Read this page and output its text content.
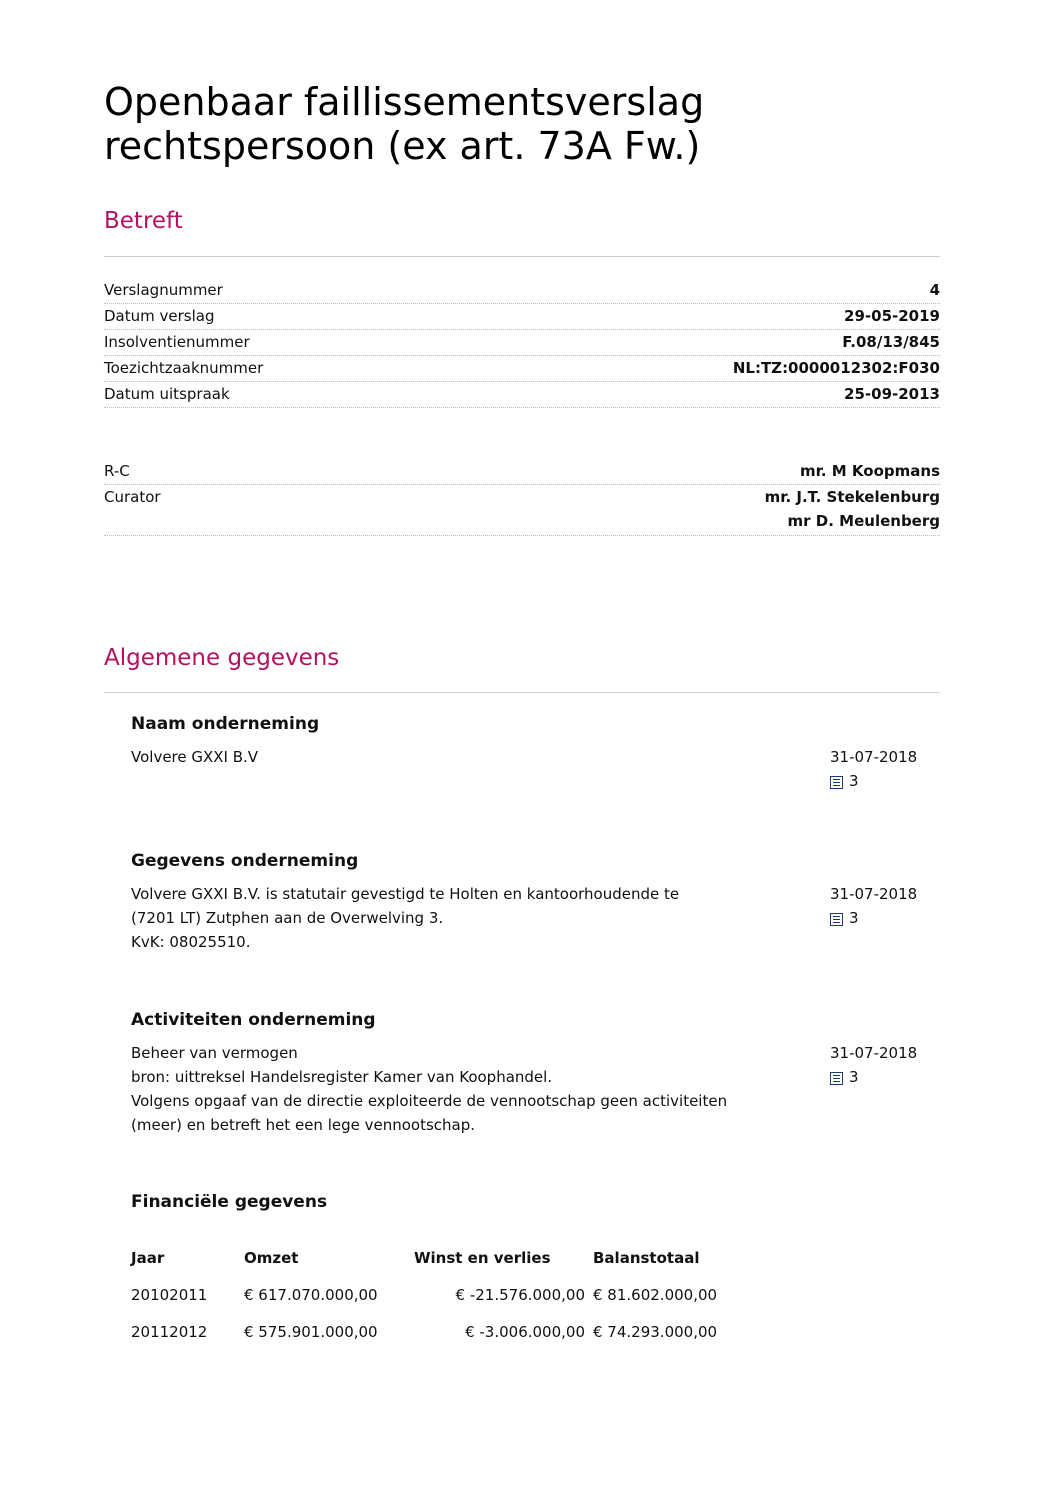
Openbaar faillissementsverslag
rechtspersoon (ex art. 73A Fw.)
Betreft
Verslagnummer	4
Datum verslag	29-05-2019
Insolventienummer	F.08/13/845
Toezichtzaaknummer	NL:TZ:0000012302:F030
Datum uitspraak	25-09-2013
R-C	mr. M Koopmans
Curator	mr. J.T. Stekelenburg
mr D. Meulenberg
Algemene gegevens
Naam onderneming
Volvere GXXI B.V	31-07-2018
3
Gegevens onderneming
Volvere GXXI B.V. is statutair gevestigd te Holten en kantoorhoudende te
(7201 LT) Zutphen aan de Overwelving 3.
KvK: 08025510.
31-07-2018
3
Activiteiten onderneming
Beheer van vermogen
bron: uittreksel Handelsregister Kamer van Koophandel.
Volgens opgaaf van de directie exploiteerde de vennootschap geen activiteiten
(meer) en betreft het een lege vennootschap.
31-07-2018
3
Financiële gegevens
Jaar	Omzet	Winst en verlies	Balanstotaal
20102011	€ 617.070.000,00	€ -21.576.000,00	€ 81.602.000,00
20112012	€ 575.901.000,00	€ -3.006.000,00	€ 74.293.000,00
